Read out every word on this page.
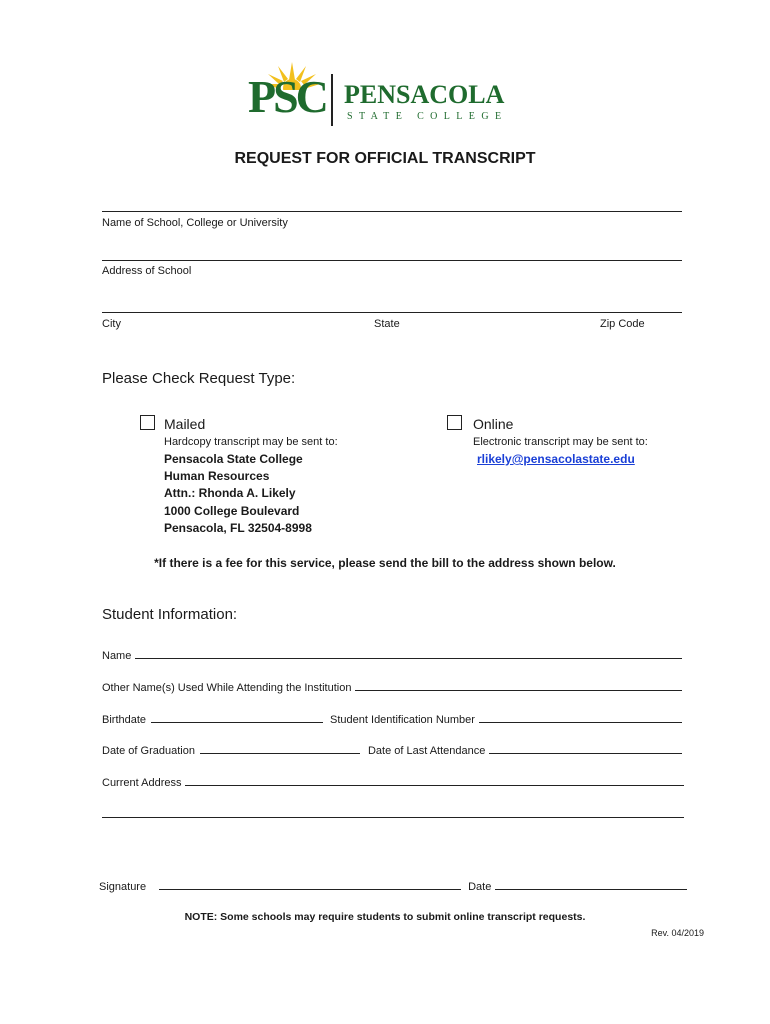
PSC PENSACOLA
STATE COLLEGE
REQUEST FOR OFFICIAL TRANSCRIPT
Name of School, College or University
Address of School
City	State	Zip Code
Please Check Request Type:
Mailed
Hardcopy transcript may be sent to:
Pensacola State College
Human Resources
Attn.: Rhonda A. Likely
1000 College Boulevard
Pensacola, FL 32504-8998
Online
Electronic transcript may be sent to:
rlikely@pensacolastate.edu
*If there is a fee for this service, please send the bill to the address shown below.
Student Information:
Name
Other Name(s) Used While Attending the Institution
Birthdate	Student Identification Number
Date of Graduation	Date of Last Attendance
Current Address
Signature	Date
NOTE: Some schools may require students to submit online transcript requests.
Rev. 04/2019
